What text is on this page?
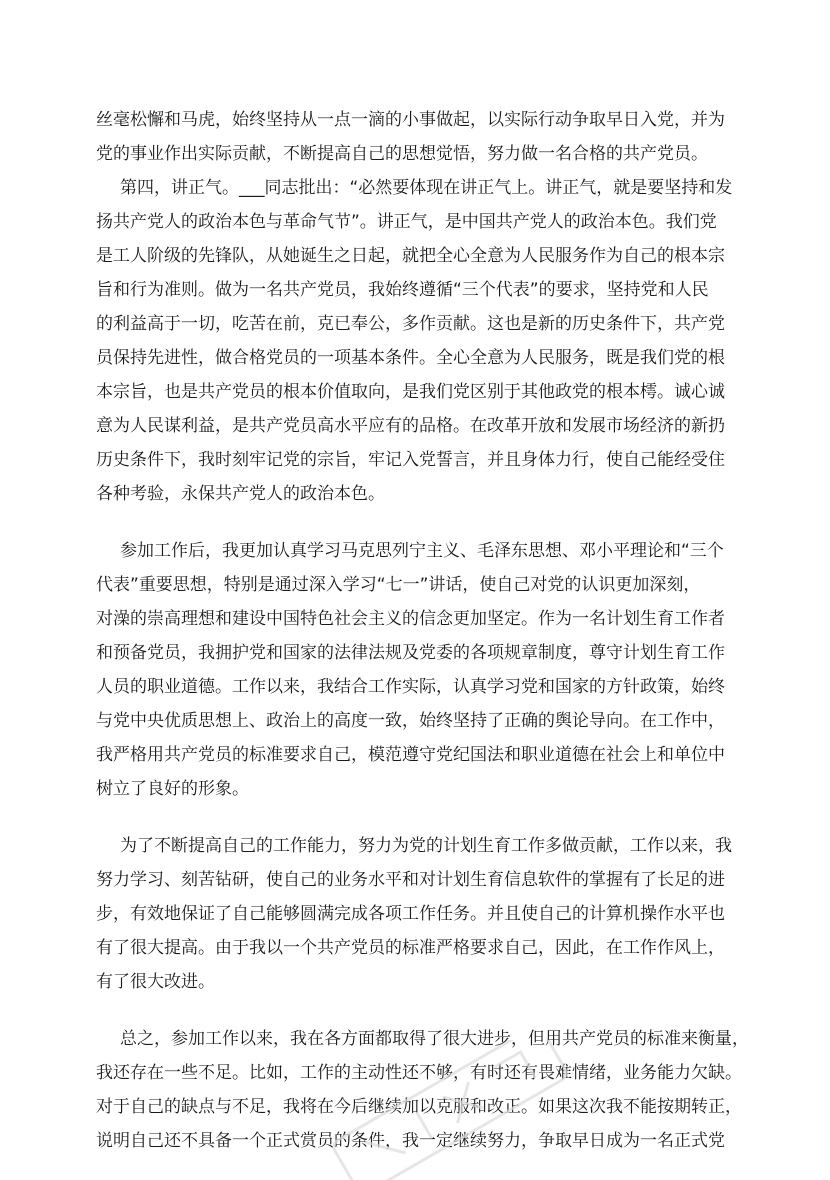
丝毫松懈和马虎，始终坚持从一点一滴的小事做起，以实际行动争取早日入党，并为
党的事业作出实际贡献，不断提高自己的思想觉悟，努力做一名合格的共产党员。
第四，讲正气。___同志批出：“必然要体现在讲正气上。讲正气，就是要坚持和发
扬共产党人的政治本色与革命气节”。讲正气，是中国共产党人的政治本色。我们党
是工人阶级的先锋队，从她诞生之日起，就把全心全意为人民服务作为自己的根本宗
旨和行为准则。做为一名共产党员，我始终遵循“三个代表”的要求，坚持党和人民
的利益高于一切，吃苦在前，克已奉公，多作贡献。这也是新的历史条件下，共产党
员保持先进性，做合格党员的一项基本条件。全心全意为人民服务，既是我们党的根
本宗旨，也是共产党员的根本价值取向，是我们党区别于其他政党的根本樗。诚心诚
意为人民谋利益，是共产党员高水平应有的品格。在改革开放和发展市场经济的新扔
历史条件下，我时刻牢记党的宗旨，牢记入党誓言，并且身体力行，使自己能经受住
各种考验，永保共产党人的政治本色。
参加工作后，我更加认真学习马克思列宁主义、毛泽东思想、邓小平理论和“三个
代表”重要思想，特别是通过深入学习“七一”讲话，使自己对党的认识更加深刻，
对澡的崇高理想和建设中国特色社会主义的信念更加坚定。作为一名计划生育工作者
和预备党员，我拥护党和国家的法律法规及党委的各项规章制度，尊守计划生育工作
人员的职业道德。工作以来，我结合工作实际，认真学习党和国家的方针政策，始终
与党中央优质思想上、政治上的高度一致，始终坚持了正确的舆论导向。在工作中，
我严格用共产党员的标准要求自己，模范遵守党纪国法和职业道德在社会上和单位中
树立了良好的形象。
为了不断提高自己的工作能力，努力为党的计划生育工作多做贡献，工作以来，我
努力学习、刻苦钻研，使自己的业务水平和对计划生育信息软件的掌握有了长足的进
步，有效地保证了自己能够圆满完成各项工作任务。并且使自己的计算机操作水平也
有了很大提高。由于我以一个共产党员的标准严格要求自己，因此，在工作作风上，
有了很大改进。
总之，参加工作以来，我在各方面都取得了很大进步，但用共产党员的标准来衡量，
我还存在一些不足。比如，工作的主动性还不够，有时还有畏难情绪，业务能力欠缺。
对于自己的缺点与不足，我将在今后继续加以克服和改正。如果这次我不能按期转正，
说明自己还不具备一个正式赏员的条件，我一定继续努力，争取早日成为一名正式党
